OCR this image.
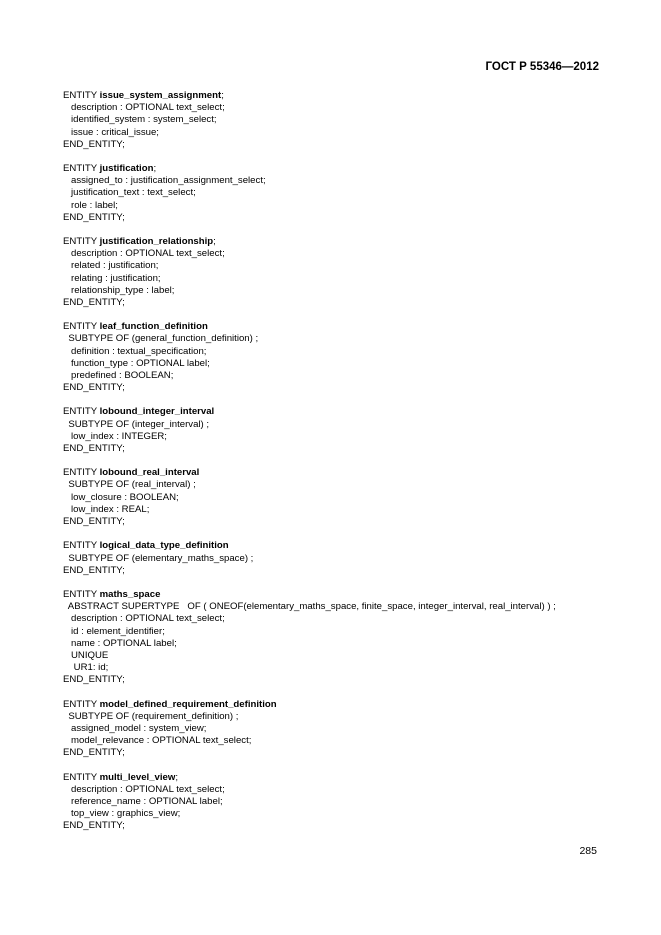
ГОСТ Р 55346—2012
ENTITY issue_system_assignment;
description : OPTIONAL text_select;
identified_system : system_select;
issue : critical_issue;
END_ENTITY;
ENTITY justification;
assigned_to : justification_assignment_select;
justification_text : text_select;
role : label;
END_ENTITY;
ENTITY justification_relationship;
description : OPTIONAL text_select;
related : justification;
relating : justification;
relationship_type : label;
END_ENTITY;
ENTITY leaf_function_definition
SUBTYPE OF (general_function_definition) ;
definition : textual_specification;
function_type : OPTIONAL label;
predefined : BOOLEAN;
END_ENTITY;
ENTITY lobound_integer_interval
SUBTYPE OF (integer_interval) ;
low_index : INTEGER;
END_ENTITY;
ENTITY lobound_real_interval
SUBTYPE OF (real_interval) ;
low_closure : BOOLEAN;
low_index : REAL;
END_ENTITY;
ENTITY logical_data_type_definition
SUBTYPE OF (elementary_maths_space) ;
END_ENTITY;
ENTITY maths_space
ABSTRACT SUPERTYPE   OF ( ONEOF(elementary_maths_space, finite_space, integer_interval, real_interval) ) ;
description : OPTIONAL text_select;
id : element_identifier;
name : OPTIONAL label;
UNIQUE
UR1: id;
END_ENTITY;
ENTITY model_defined_requirement_definition
SUBTYPE OF (requirement_definition) ;
assigned_model : system_view;
model_relevance : OPTIONAL text_select;
END_ENTITY;
ENTITY multi_level_view;
description : OPTIONAL text_select;
reference_name : OPTIONAL label;
top_view : graphics_view;
END_ENTITY;
285
